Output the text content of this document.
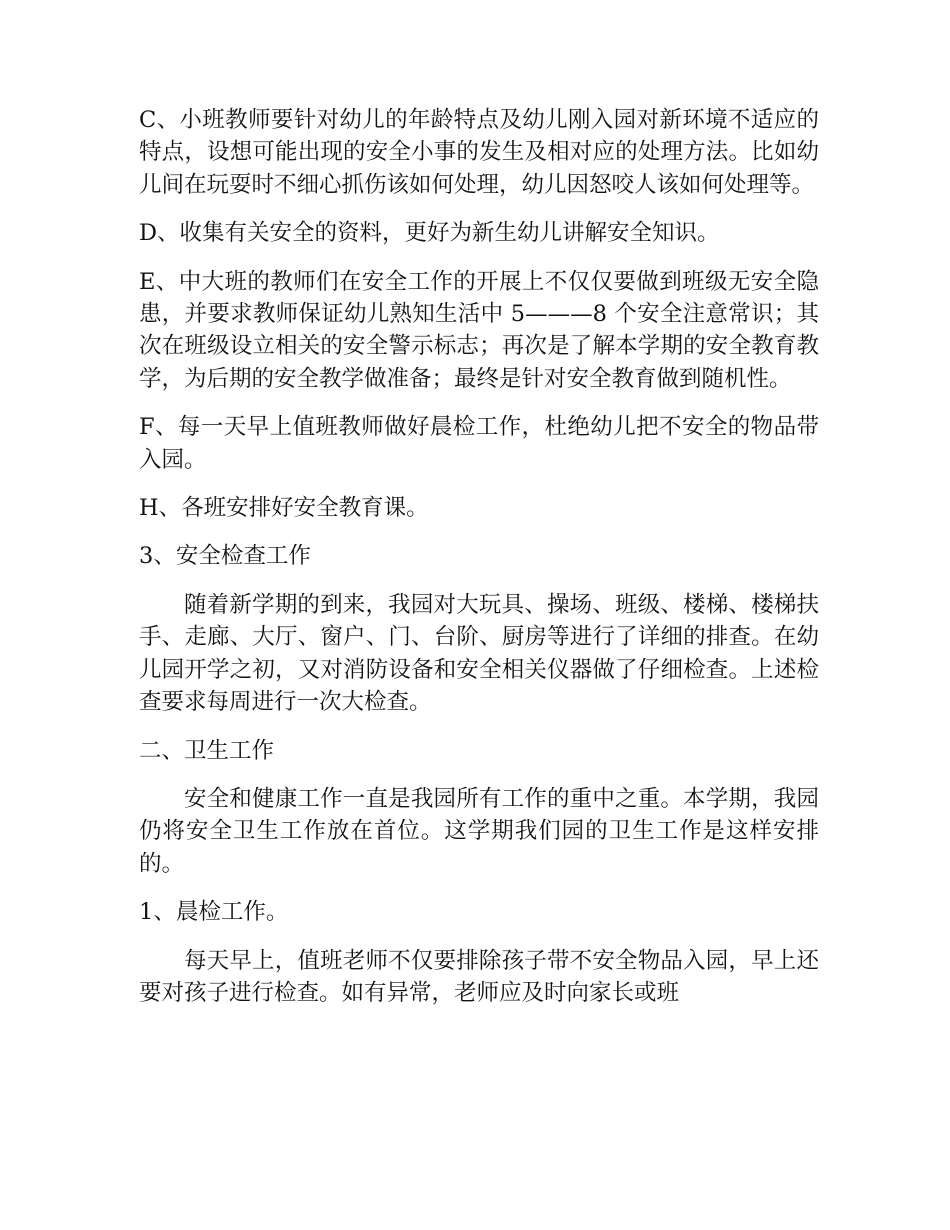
C、小班教师要针对幼儿的年龄特点及幼儿刚入园对新环境不适应的特点，设想可能出现的安全小事的发生及相对应的处理方法。比如幼儿间在玩耍时不细心抓伤该如何处理，幼儿因怒咬人该如何处理等。

D、收集有关安全的资料，更好为新生幼儿讲解安全知识。

E、中大班的教师们在安全工作的开展上不仅仅要做到班级无安全隐患，并要求教师保证幼儿熟知生活中 5———8 个安全注意常识；其次在班级设立相关的安全警示标志；再次是了解本学期的安全教育教学，为后期的安全教学做准备；最终是针对安全教育做到随机性。

F、每一天早上值班教师做好晨检工作，杜绝幼儿把不安全的物品带入园。

H、各班安排好安全教育课。

3、安全检查工作

随着新学期的到来，我园对大玩具、操场、班级、楼梯、楼梯扶手、走廊、大厅、窗户、门、台阶、厨房等进行了详细的排查。在幼儿园开学之初，又对消防设备和安全相关仪器做了仔细检查。上述检查要求每周进行一次大检查。

二、卫生工作

安全和健康工作一直是我园所有工作的重中之重。本学期，我园仍将安全卫生工作放在首位。这学期我们园的卫生工作是这样安排的。

1、晨检工作。

每天早上，值班老师不仅要排除孩子带不安全物品入园，早上还要对孩子进行检查。如有异常，老师应及时向家长或班
